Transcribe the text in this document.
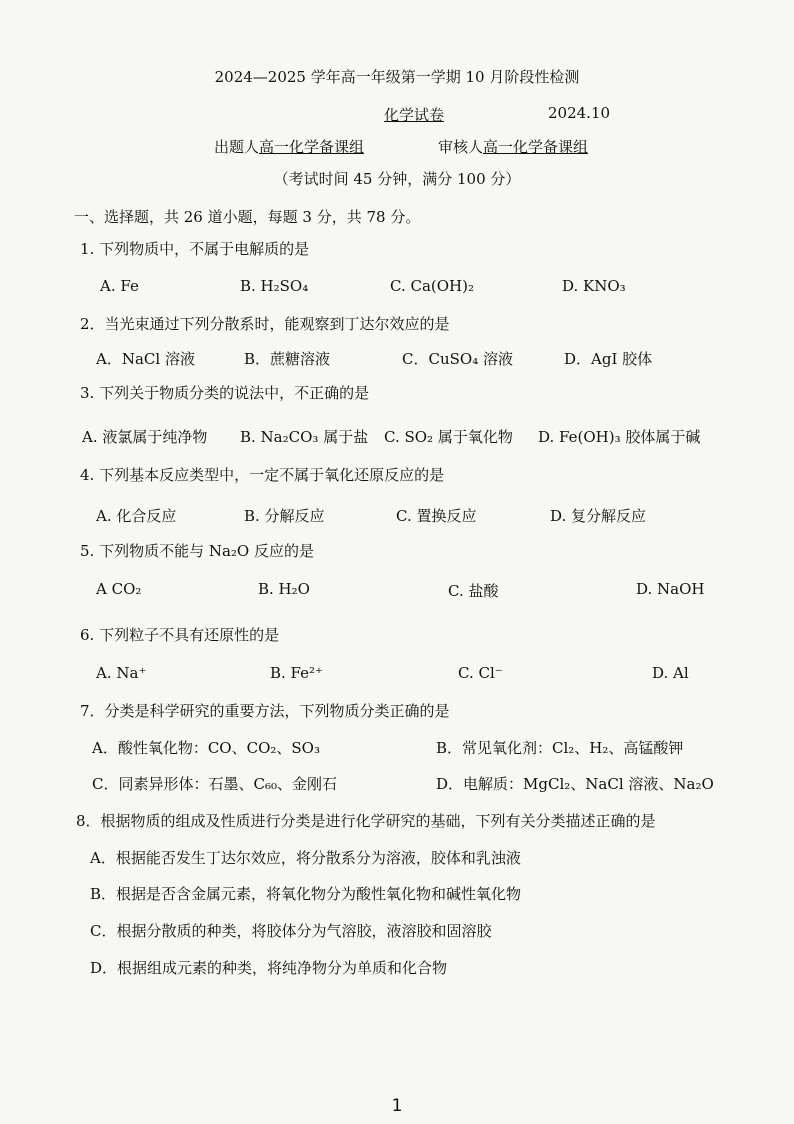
2024—2025 学年高一年级第一学期 10 月阶段性检测
化学试卷	2024.10
出题人高一化学备课组	审核人高一化学备课组
（考试时间 45 分钟，满分 100 分）
一、选择题，共 26 道小题，每题 3 分，共 78 分。
1. 下列物质中，不属于电解质的是
A. Fe	B. H₂SO₄	C. Ca(OH)₂	D. KNO₃
2．当光束通过下列分散系时，能观察到丁达尔效应的是
A．NaCl 溶液	B．蔗糖溶液	C．CuSO₄ 溶液	D．AgI 胶体
3. 下列关于物质分类的说法中，不正确的是
A. 液氯属于纯净物 B. Na₂CO₃ 属于盐 C. SO₂ 属于氧化物 D. Fe(OH)₃ 胶体属于碱
4. 下列基本反应类型中，一定不属于氧化还原反应的是
A. 化合反应	B. 分解反应	C. 置换反应	D. 复分解反应
5. 下列物质不能与 Na₂O 反应的是
A CO₂	B. H₂O	C. 盐酸	D. NaOH
6. 下列粒子不具有还原性的是
A. Na⁺	B. Fe²⁺	C. Cl⁻	D. Al
7．分类是科学研究的重要方法，下列物质分类正确的是
A．酸性氧化物：CO、CO₂、SO₃	B．常见氧化剂：Cl₂、H₂、高锰酸钾
C．同素异形体：石墨、C₆₀、金刚石	D．电解质：MgCl₂、NaCl 溶液、Na₂O
8．根据物质的组成及性质进行分类是进行化学研究的基础，下列有关分类描述正确的是
A．根据能否发生丁达尔效应，将分散系分为溶液，胶体和乳浊液
B．根据是否含金属元素，将氧化物分为酸性氧化物和碱性氧化物
C．根据分散质的种类，将胶体分为气溶胶，液溶胶和固溶胶
D．根据组成元素的种类，将纯净物分为单质和化合物
1
